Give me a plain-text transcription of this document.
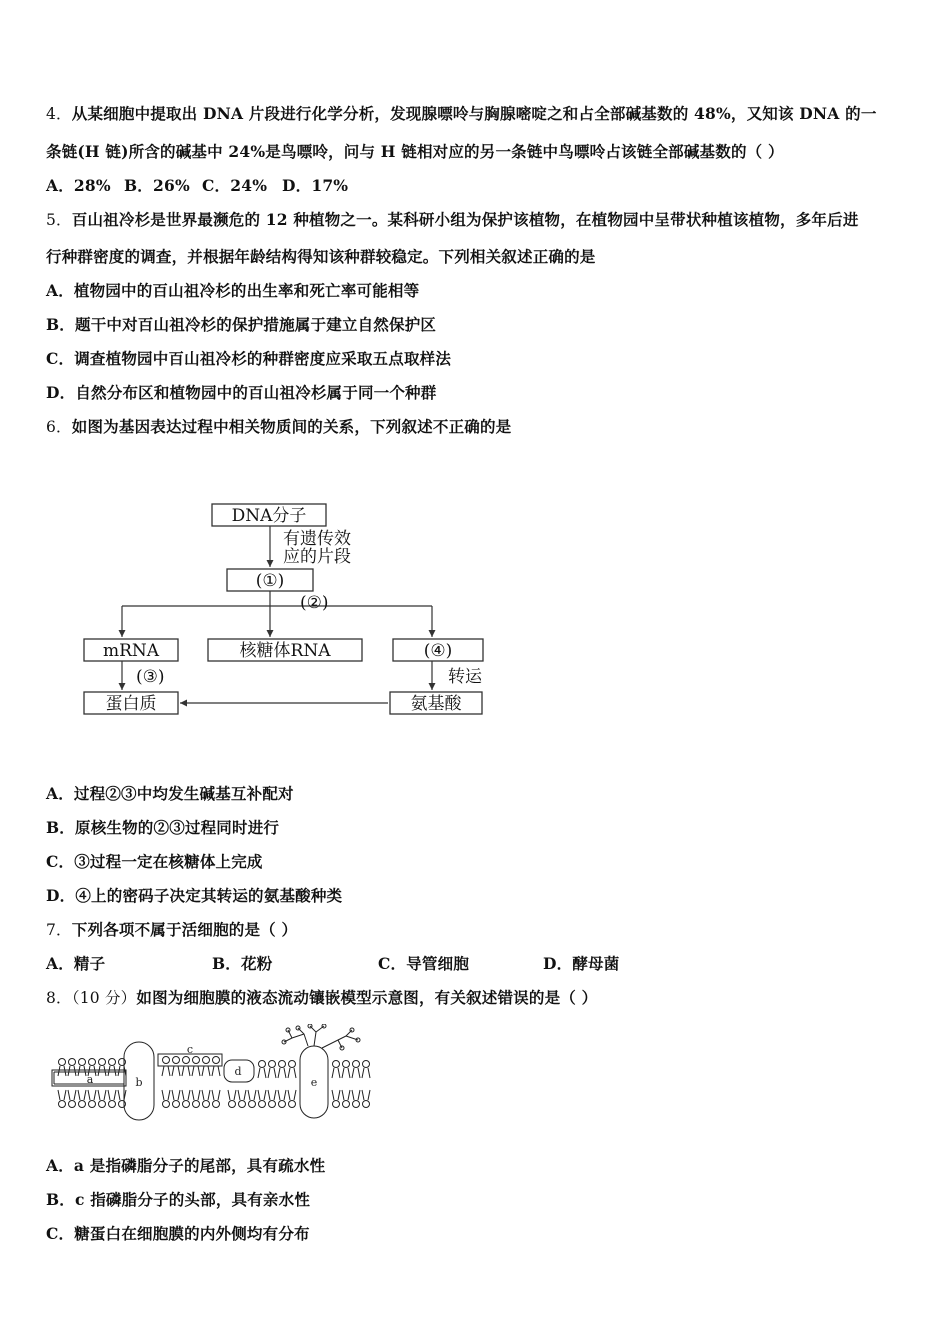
4．从某细胞中提取出 DNA 片段进行化学分析，发现腺嘌呤与胸腺嘧啶之和占全部碱基数的 48%，又知该 DNA 的一
条链(H 链)所含的碱基中 24%是鸟嘌呤，问与 H 链相对应的另一条链中鸟嘌呤占该链全部碱基数的（ ）
A．28% B．26% C．24% D．17%
5．百山祖冷杉是世界最濒危的 12 种植物之一。某科研小组为保护该植物，在植物园中呈带状种植该植物，多年后进
行种群密度的调查，并根据年龄结构得知该种群较稳定。下列相关叙述正确的是
A．植物园中的百山祖冷杉的出生率和死亡率可能相等
B．题干中对百山祖冷杉的保护措施属于建立自然保护区
C．调查植物园中百山祖冷杉的种群密度应采取五点取样法
D．自然分布区和植物园中的百山祖冷杉属于同一个种群
6．如图为基因表达过程中相关物质间的关系，下列叙述不正确的是
DNA分子
(①)
mRNA	核糖体RNA	(④)
蛋白质	氨基酸
有遗传效
应的片段
(②)
(③)	转运
A．过程②③中均发生碱基互补配对
B．原核生物的②③过程同时进行
C．③过程一定在核糖体上完成
D．④上的密码子决定其转运的氨基酸种类
7．下列各项不属于活细胞的是（ ）
A．精子	B．花粉	C．导管细胞	D．酵母菌
8．（10 分）如图为细胞膜的液态流动镶嵌模型示意图，有关叙述错误的是（ ）
a	b
c
d
e
A．a 是指磷脂分子的尾部，具有疏水性
B．c 指磷脂分子的头部，具有亲水性
C．糖蛋白在细胞膜的内外侧均有分布
